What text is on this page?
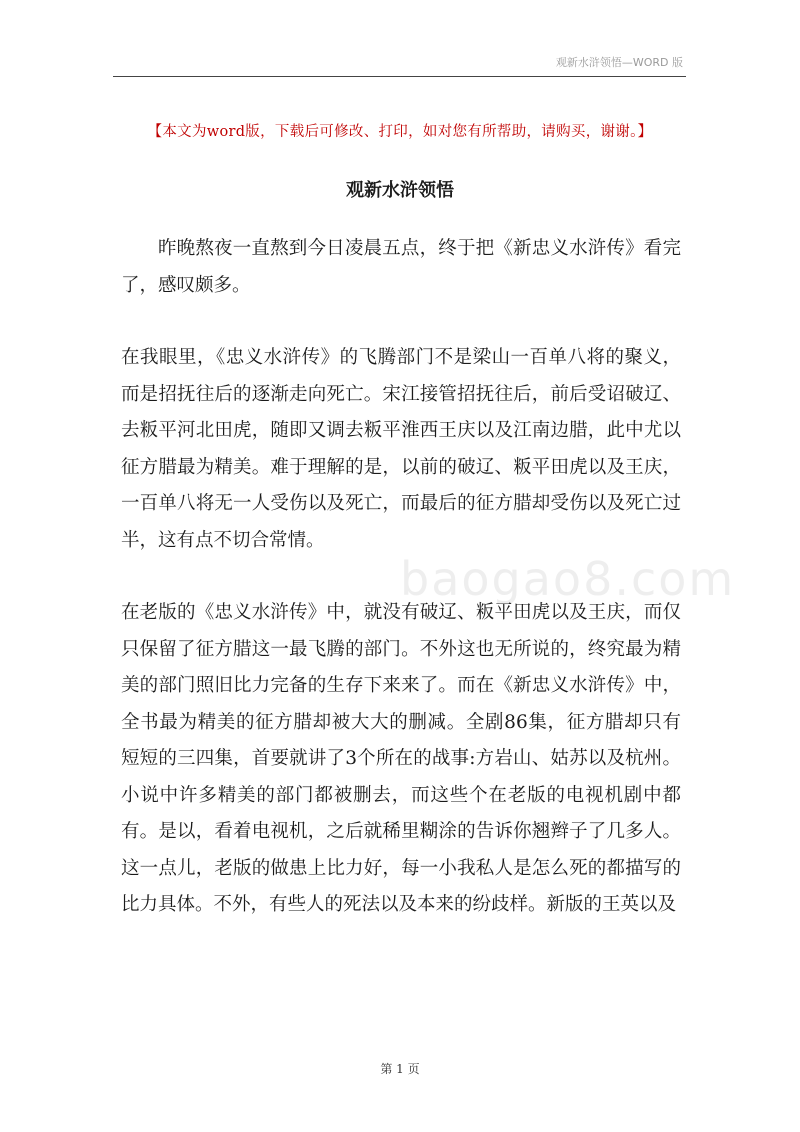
观新水浒领悟—WORD 版
【本文为word版，下载后可修改、打印，如对您有所帮助，请购买，谢谢。】
观新水浒领悟

昨晚熬夜一直熬到今日凌晨五点，终于把《新忠义水浒传》看完了，感叹颇多。

在我眼里，《忠义水浒传》的飞腾部门不是梁山一百单八将的聚义，而是招抚往后的逐渐走向死亡。宋江接管招抚往后，前后受诏破辽、去粄平河北田虎，随即又调去粄平淮西王庆以及江南边腊，此中尤以征方腊最为精美。难于理解的是，以前的破辽、粄平田虎以及王庆，一百单八将无一人受伤以及死亡，而最后的征方腊却受伤以及死亡过半，这有点不切合常情。

在老版的《忠义水浒传》中，就没有破辽、粄平田虎以及王庆，而仅只保留了征方腊这一最飞腾的部门。不外这也无所说的，终究最为精美的部门照旧比力完备的生存下来来了。而在《新忠义水浒传》中，全书最为精美的征方腊却被大大的删减。全剧86集，征方腊却只有短短的三四集，首要就讲了3个所在的战事:方岩山、姑苏以及杭州。小说中许多精美的部门都被删去，而这些个在老版的电视机剧中都有。是以，看着电视机，之后就稀里糊涂的告诉你翘辫子了几多人。这一点儿，老版的做患上比力好，每一小我私人是怎么死的都描写的比力具体。不外，有些人的死法以及本来的纷歧样。新版的王英以及

baogao8.com
第 1 页
